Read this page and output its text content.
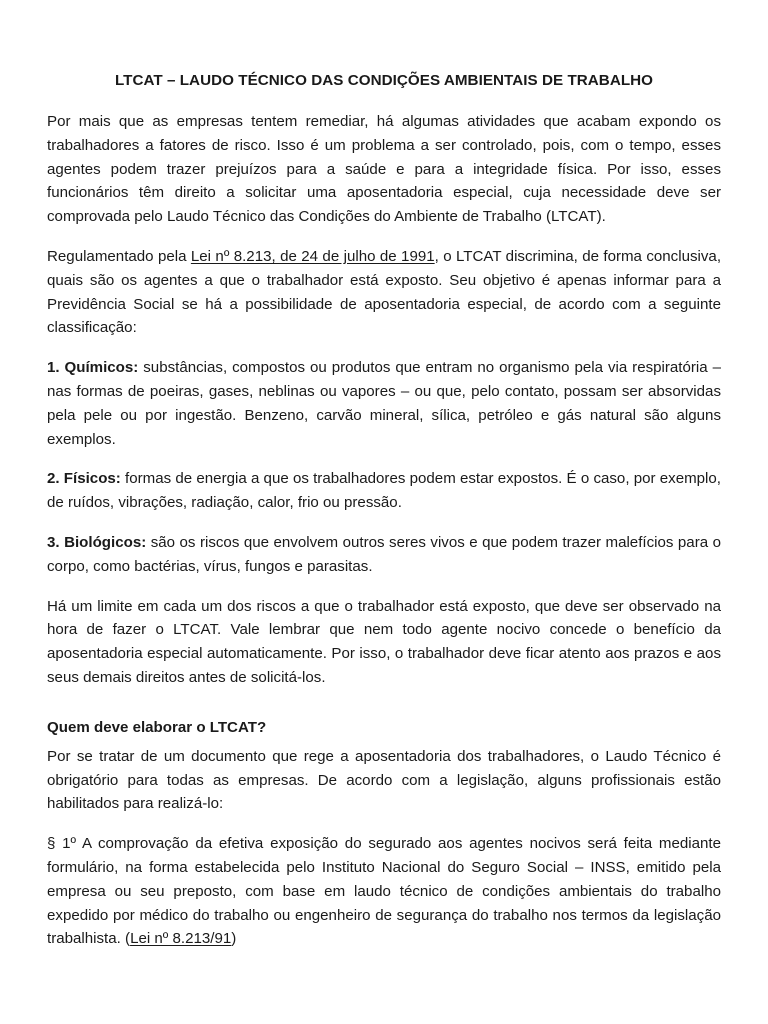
LTCAT – LAUDO TÉCNICO DAS CONDIÇÕES AMBIENTAIS DE TRABALHO

Por mais que as empresas tentem remediar, há algumas atividades que acabam expondo os trabalhadores a fatores de risco. Isso é um problema a ser controlado, pois, com o tempo, esses agentes podem trazer prejuízos para a saúde e para a integridade física. Por isso, esses funcionários têm direito a solicitar uma aposentadoria especial, cuja necessidade deve ser comprovada pelo Laudo Técnico das Condições do Ambiente de Trabalho (LTCAT).

Regulamentado pela Lei nº 8.213, de 24 de julho de 1991, o LTCAT discrimina, de forma conclusiva, quais são os agentes a que o trabalhador está exposto. Seu objetivo é apenas informar para a Previdência Social se há a possibilidade de aposentadoria especial, de acordo com a seguinte classificação:

1. Químicos: substâncias, compostos ou produtos que entram no organismo pela via respiratória – nas formas de poeiras, gases, neblinas ou vapores – ou que, pelo contato, possam ser absorvidas pela pele ou por ingestão. Benzeno, carvão mineral, sílica, petróleo e gás natural são alguns exemplos.

2. Físicos: formas de energia a que os trabalhadores podem estar expostos. É o caso, por exemplo, de ruídos, vibrações, radiação, calor, frio ou pressão.

3. Biológicos: são os riscos que envolvem outros seres vivos e que podem trazer malefícios para o corpo, como bactérias, vírus, fungos e parasitas.

Há um limite em cada um dos riscos a que o trabalhador está exposto, que deve ser observado na hora de fazer o LTCAT. Vale lembrar que nem todo agente nocivo concede o benefício da aposentadoria especial automaticamente. Por isso, o trabalhador deve ficar atento aos prazos e aos seus demais direitos antes de solicitá-los.

Quem deve elaborar o LTCAT?

Por se tratar de um documento que rege a aposentadoria dos trabalhadores, o Laudo Técnico é obrigatório para todas as empresas. De acordo com a legislação, alguns profissionais estão habilitados para realizá-lo:

§ 1º A comprovação da efetiva exposição do segurado aos agentes nocivos será feita mediante formulário, na forma estabelecida pelo Instituto Nacional do Seguro Social – INSS, emitido pela empresa ou seu preposto, com base em laudo técnico de condições ambientais do trabalho expedido por médico do trabalho ou engenheiro de segurança do trabalho nos termos da legislação trabalhista. (Lei nº 8.213/91)
